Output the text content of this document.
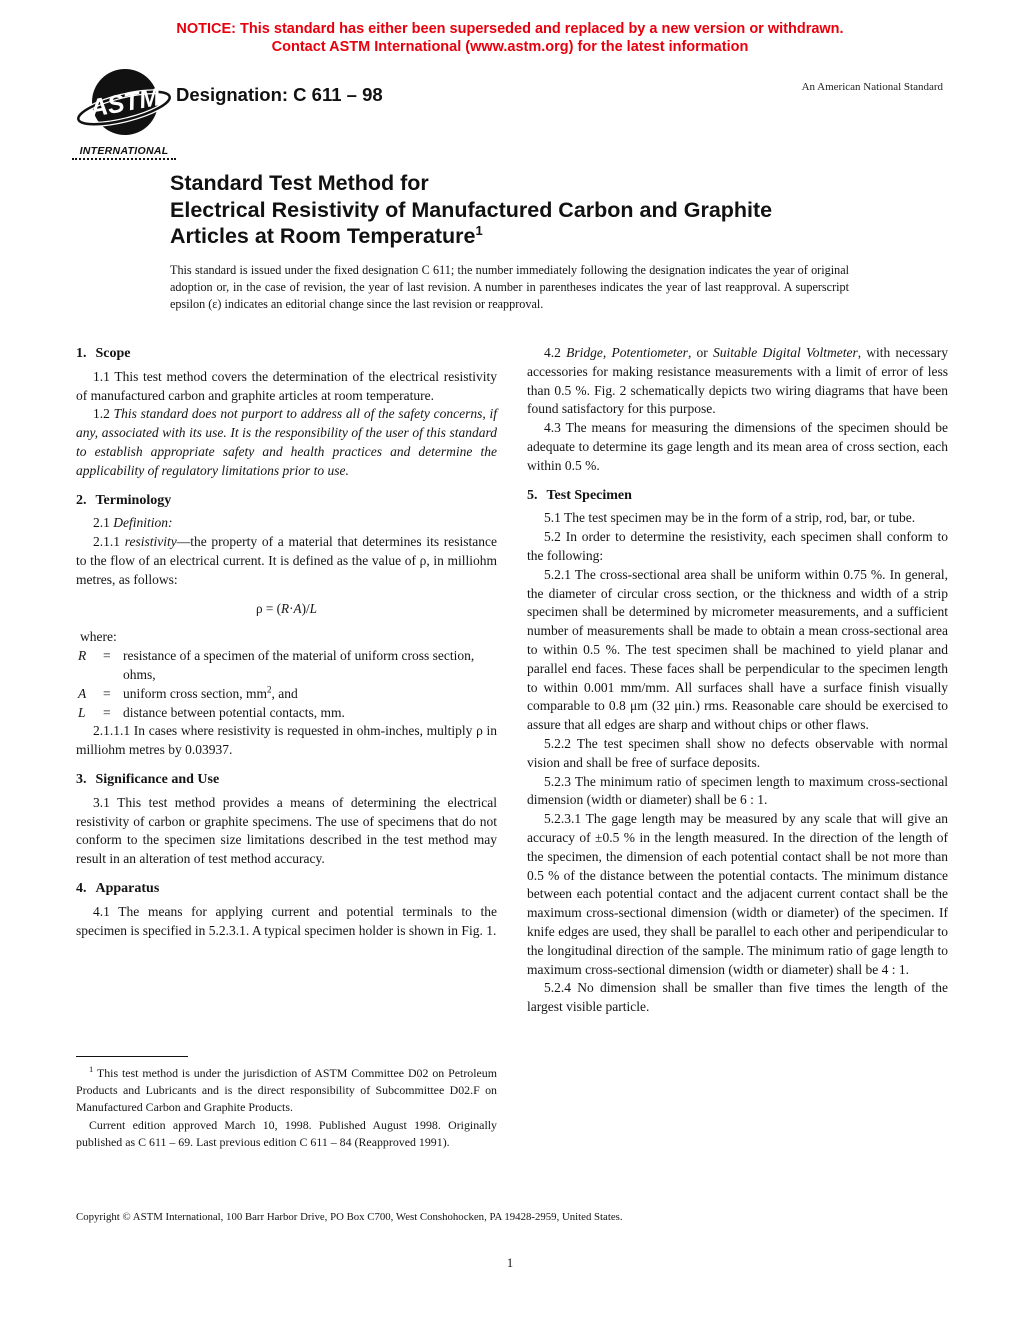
NOTICE: This standard has either been superseded and replaced by a new version or withdrawn.
Contact ASTM International (www.astm.org) for the latest information
ASTM
INTERNATIONAL
Designation: C 611 – 98	An American National Standard
Standard Test Method for
Electrical Resistivity of Manufactured Carbon and Graphite
Articles at Room Temperature$^1$
This standard is issued under the fixed designation C 611; the number immediately following the designation indicates the year of original adoption or, in the case of revision, the year of last revision. A number in parentheses indicates the year of last reapproval. A superscript epsilon (ε) indicates an editorial change since the last revision or reapproval.
1. Scope

1.1 This test method covers the determination of the electrical resistivity of manufactured carbon and graphite articles at room temperature.

1.2 This standard does not purport to address all of the safety concerns, if any, associated with its use. It is the responsibility of the user of this standard to establish appropriate safety and health practices and determine the applicability of regulatory limitations prior to use.

2. Terminology

2.1 Definition:

2.1.1 resistivity—the property of a material that determines its resistance to the flow of an electrical current. It is defined as the value of ρ, in milliohm metres, as follows:

ρ = (R·A)/L

where:

R	= resistance of a specimen of the material of uniform cross section, ohms,
A	= uniform cross section, $mm^2$, and
L	= distance between potential contacts, mm.

2.1.1.1 In cases where resistivity is requested in ohm-inches, multiply ρ in milliohm metres by 0.03937.

3. Significance and Use

3.1 This test method provides a means of determining the electrical resistivity of carbon or graphite specimens. The use of specimens that do not conform to the specimen size limitations described in the test method may result in an alteration of test method accuracy.

4. Apparatus

4.1 The means for applying current and potential terminals to the specimen is specified in 5.2.3.1. A typical specimen holder is shown in Fig. 1.

4.2 Bridge, Potentiometer, or Suitable Digital Voltmeter, with necessary accessories for making resistance measurements with a limit of error of less than 0.5 %. Fig. 2 schematically depicts two wiring diagrams that have been found satisfactory for this purpose.

4.3 The means for measuring the dimensions of the specimen should be adequate to determine its gage length and its mean area of cross section, each within 0.5 %.

5. Test Specimen

5.1 The test specimen may be in the form of a strip, rod, bar, or tube.

5.2 In order to determine the resistivity, each specimen shall conform to the following:

5.2.1 The cross-sectional area shall be uniform within 0.75 %. In general, the diameter of circular cross section, or the thickness and width of a strip specimen shall be determined by micrometer measurements, and a sufficient number of measurements shall be made to obtain a mean cross-sectional area to within 0.5 %. The test specimen shall be machined to yield planar and parallel end faces. These faces shall be perpendicular to the specimen length to within 0.001 mm/mm. All surfaces shall have a surface finish visually comparable to 0.8 μm (32 μin.) rms. Reasonable care should be exercised to assure that all edges are sharp and without chips or other flaws.

5.2.2 The test specimen shall show no defects observable with normal vision and shall be free of surface deposits.

5.2.3 The minimum ratio of specimen length to maximum cross-sectional dimension (width or diameter) shall be 6 : 1.

5.2.3.1 The gage length may be measured by any scale that will give an accuracy of ±0.5 % in the length measured. In the direction of the length of the specimen, the dimension of each potential contact shall be not more than 0.5 % of the distance between the potential contacts. The minimum distance between each potential contact and the adjacent current contact shall be the maximum cross-sectional dimension (width or diameter) of the specimen. If knife edges are used, they shall be parallel to each other and peripendicular to the longitudinal direction of the sample. The minimum ratio of gage length to maximum cross-sectional dimension (width or diameter) shall be 4 : 1.

5.2.4 No dimension shall be smaller than five times the length of the largest visible particle.

$^1$ This test method is under the jurisdiction of ASTM Committee D02 on Petroleum Products and Lubricants and is the direct responsibility of Subcommittee D02.F on Manufactured Carbon and Graphite Products.

Current edition approved March 10, 1998. Published August 1998. Originally published as C 611 – 69. Last previous edition C 611 – 84 (Reapproved 1991).

Copyright © ASTM International, 100 Barr Harbor Drive, PO Box C700, West Conshohocken, PA 19428-2959, United States.
1
